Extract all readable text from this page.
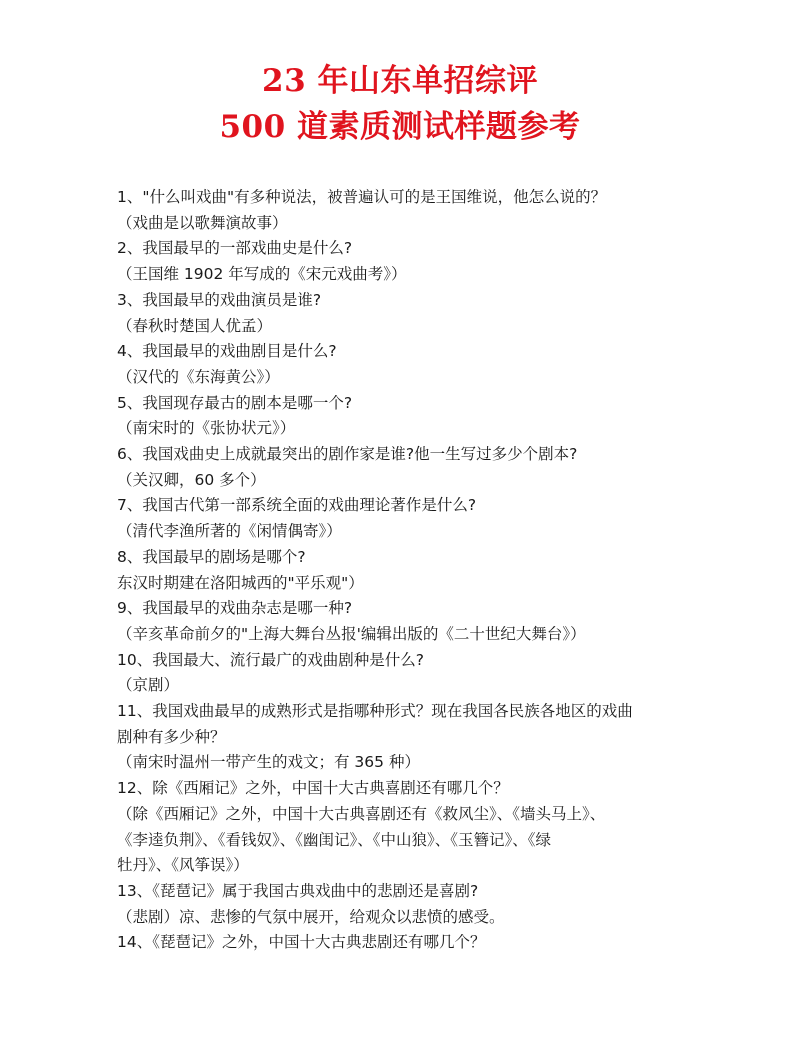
23 年山东单招综评
500 道素质测试样题参考
1、"什么叫戏曲"有多种说法，被普遍认可的是王国维说，他怎么说的？
（戏曲是以歌舞演故事）
2、我国最早的一部戏曲史是什么?
（王国维 1902 年写成的《宋元戏曲考》）
3、我国最早的戏曲演员是谁?
（春秋时楚国人优孟）
4、我国最早的戏曲剧目是什么?
（汉代的《东海黄公》）
5、我国现存最古的剧本是哪一个?
（南宋时的《张协状元》）
6、我国戏曲史上成就最突出的剧作家是谁?他一生写过多少个剧本?
（关汉卿，60 多个）
7、我国古代第一部系统全面的戏曲理论著作是什么?
（清代李渔所著的《闲情偶寄》）
8、我国最早的剧场是哪个?
东汉时期建在洛阳城西的"平乐观"）
9、我国最早的戏曲杂志是哪一种?
（辛亥革命前夕的"上海大舞台丛报'编辑出版的《二十世纪大舞台》）
10、我国最大、流行最广的戏曲剧种是什么?
（京剧）
11、我国戏曲最早的成熟形式是指哪种形式？现在我国各民族各地区的戏曲
剧种有多少种？
（南宋时温州一带产生的戏文；有 365 种）
12、除《西厢记》之外，中国十大古典喜剧还有哪几个？
（除《西厢记》之外，中国十大古典喜剧还有《救风尘》、《墙头马上》、
《李逵负荆》、《看钱奴》、《幽闺记》、《中山狼》、《玉簪记》、《绿
牡丹》、《风筝误》）
13、《琵琶记》属于我国古典戏曲中的悲剧还是喜剧?
（悲剧）凉、悲惨的气氛中展开，给观众以悲愤的感受。
14、《琵琶记》之外，中国十大古典悲剧还有哪几个？
